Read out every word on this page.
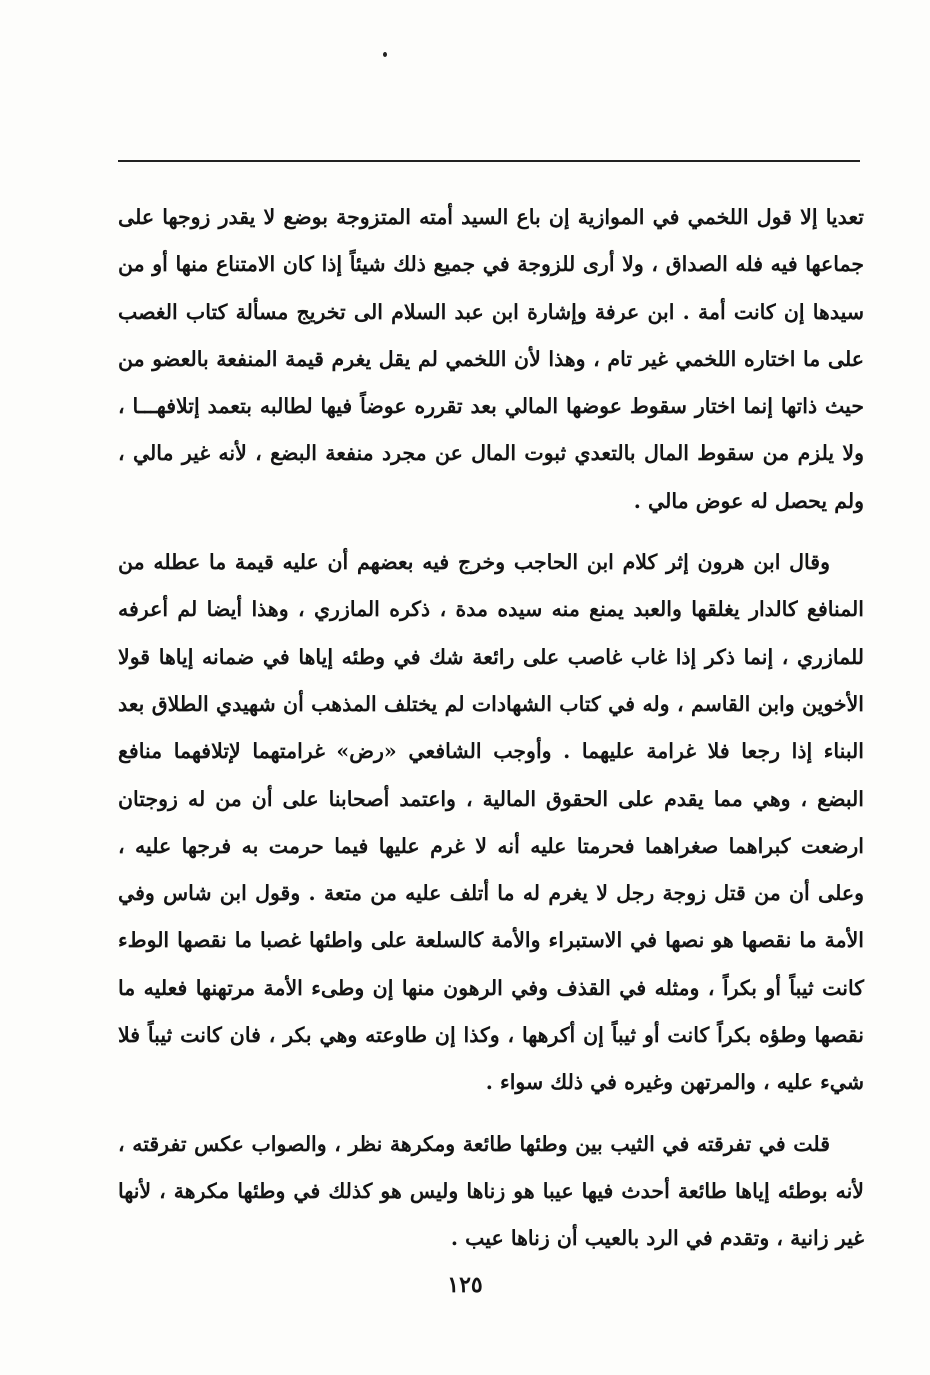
تعديا إلا قول اللخمي في الموازية إن باع السيد أمته المتزوجة بوضع لا يقدر زوجها على جماعها فيه فله الصداق ، ولا أرى للزوجة في جميع ذلك شيئاً إذا كان الامتناع منها أو من سيدها إن كانت أمة . ابن عرفة وإشارة ابن عبد السلام الى تخريج مسألة كتاب الغصب على ما اختاره اللخمي غير تام ، وهذا لأن اللخمي لم يقل يغرم قيمة المنفعة بالعضو من حيث ذاتها إنما اختار سقوط عوضها المالي بعد تقرره عوضاً فيها لطالبه بتعمد إتلافهـــا ، ولا يلزم من سقوط المال بالتعدي ثبوت المال عن مجرد منفعة البضع ، لأنه غير مالي ، ولم يحصل له عوض مالي .

وقال ابن هرون إثر كلام ابن الحاجب وخرج فيه بعضهم أن عليه قيمة ما عطله من المنافع كالدار يغلقها والعبد يمنع منه سيده مدة ، ذكره المازري ، وهذا أيضا لم أعرفه للمازري ، إنما ذكر إذا غاب غاصب على رائعة شك في وطئه إياها في ضمانه إياها قولا الأخوين وابن القاسم ، وله في كتاب الشهادات لم يختلف المذهب أن شهيدي الطلاق بعد البناء إذا رجعا فلا غرامة عليهما . وأوجب الشافعي «رض» غرامتهما لإتلافهما منافع البضع ، وهي مما يقدم على الحقوق المالية ، واعتمد أصحابنا على أن من له زوجتان ارضعت كبراهما صغراهما فحرمتا عليه أنه لا غرم عليها فيما حرمت به فرجها عليه ، وعلى أن من قتل زوجة رجل لا يغرم له ما أتلف عليه من متعة . وقول ابن شاس وفي الأمة ما نقصها هو نصها في الاستبراء والأمة كالسلعة على واطئها غصبا ما نقصها الوطء كانت ثيباً أو بكراً ، ومثله في القذف وفي الرهون منها إن وطىء الأمة مرتهنها فعليه ما نقصها وطؤه بكراً كانت أو ثيباً إن أكرهها ، وكذا إن طاوعته وهي بكر ، فان كانت ثيباً فلا شيء عليه ، والمرتهن وغيره في ذلك سواء .

قلت في تفرقته في الثيب بين وطئها طائعة ومكرهة نظر ، والصواب عكس تفرقته ، لأنه بوطئه إياها طائعة أحدث فيها عيبا هو زناها وليس هو كذلك في وطئها مكرهة ، لأنها غير زانية ، وتقدم في الرد بالعيب أن زناها عيب .

١٢٥
